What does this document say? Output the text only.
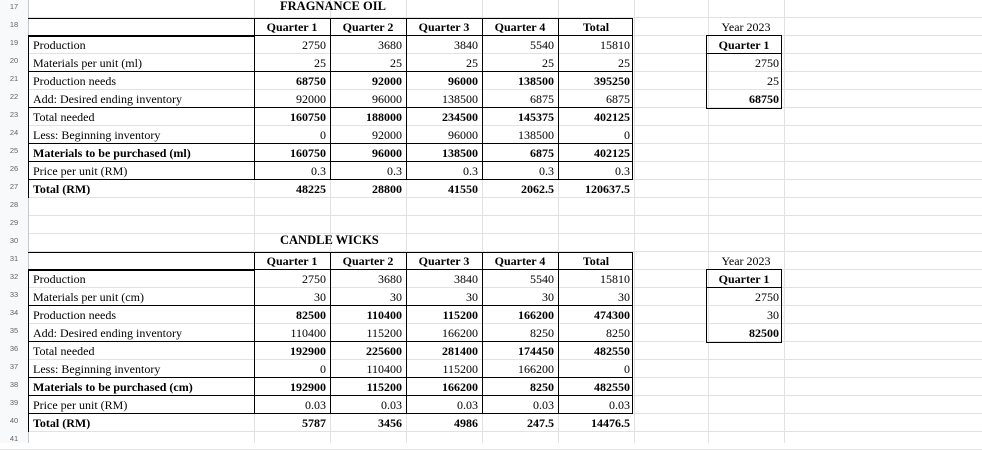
17
18
19
20
21
22
23
24
25
26
27
28
29
30
31
32
33
34
35
36
37
38
39
40
41
FRAGNANCE OIL
Quarter 1	Quarter 2	Quarter 3	Quarter 4	Total
Production	2750	3680	3840	5540	15810
Materials per unit (ml)	25	25	25	25	25
Production needs	68750	92000	96000	138500	395250
Add: Desired ending inventory	92000	96000	138500	6875	6875
Total needed	160750	188000	234500	145375	402125
Less: Beginning inventory	0	92000	96000	138500	0
Materials to be purchased (ml)	160750	96000	138500	6875	402125
Price per unit (RM)	0.3	0.3	0.3	0.3	0.3
Total (RM)	48225	28800	41550	2062.5	120637.5
Year 2023
Quarter 1
2750
25
68750
CANDLE WICKS
Quarter 1	Quarter 2	Quarter 3	Quarter 4	Total
Production	2750	3680	3840	5540	15810
Materials per unit (cm)	30	30	30	30	30
Production needs	82500	110400	115200	166200	474300
Add: Desired ending inventory	110400	115200	166200	8250	8250
Total needed	192900	225600	281400	174450	482550
Less: Beginning inventory	0	110400	115200	166200	0
Materials to be purchased (cm)	192900	115200	166200	8250	482550
Price per unit (RM)	0.03	0.03	0.03	0.03	0.03
Total (RM)	5787	3456	4986	247.5	14476.5
Year 2023
Quarter 1
2750
30
82500
